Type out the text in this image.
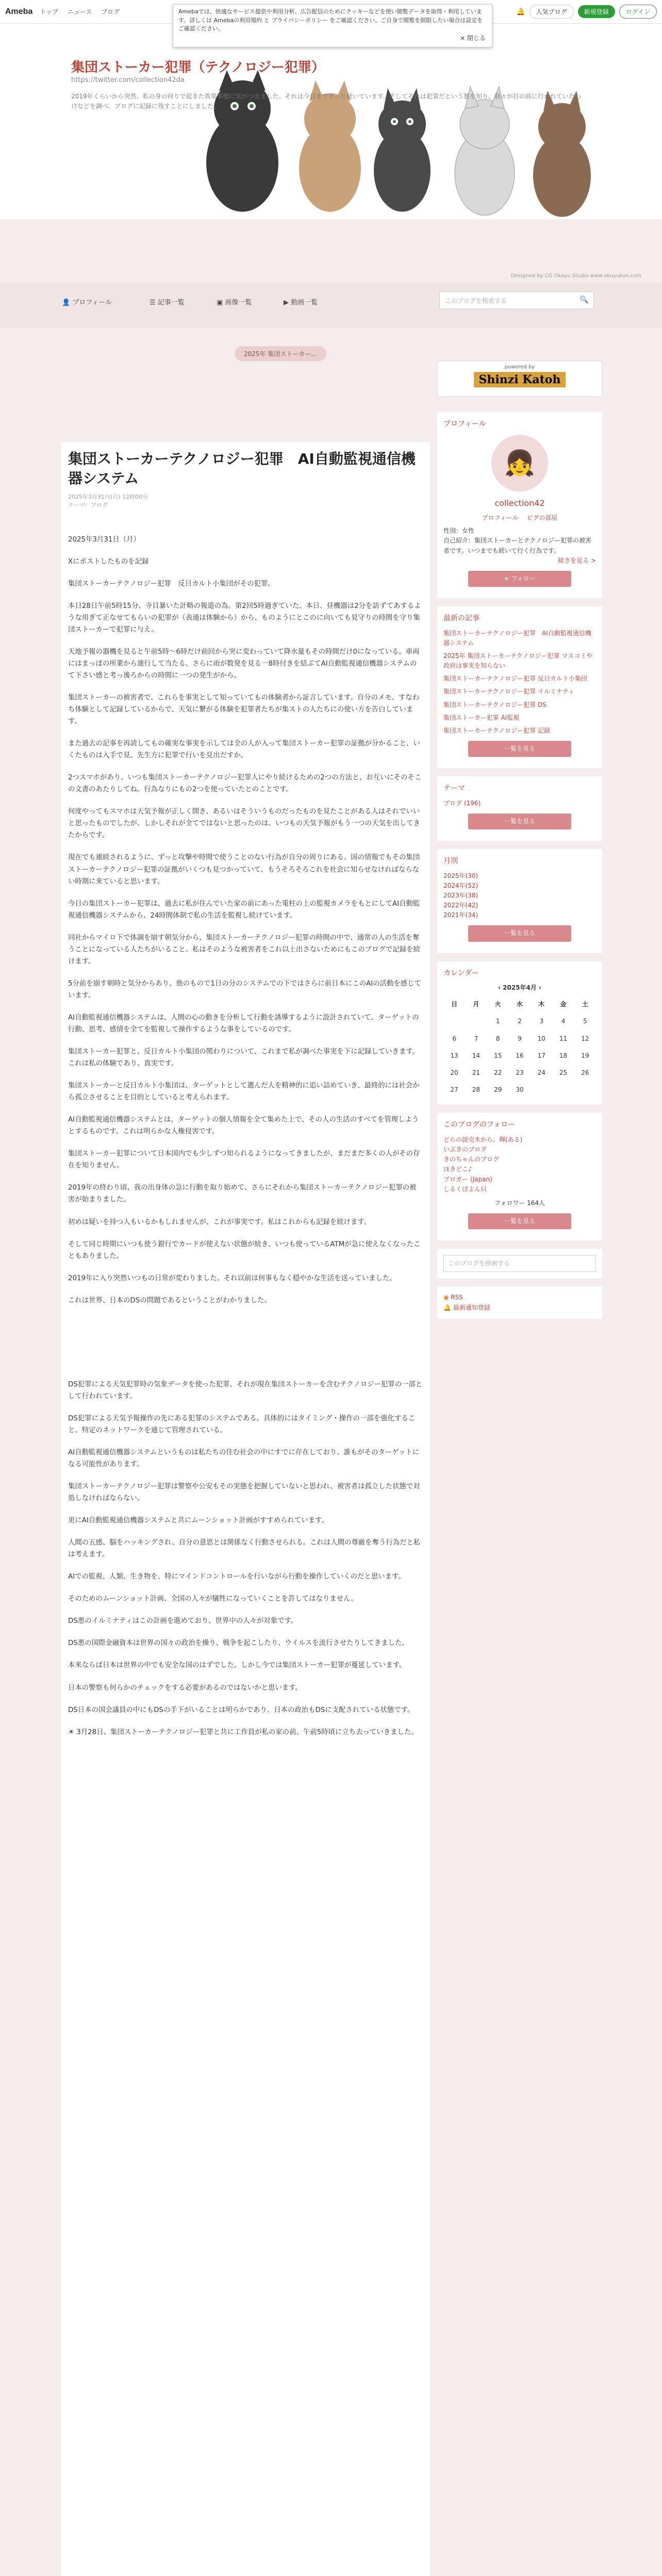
Ameba トップ ニュース ブログ	🔔	人気ブログ	新規登録	ログイン
集団ストーカー犯罪（テクノロジー犯罪）
https://twitter.com/collection42da
2019年くらいから突然、私の身の回りで起きた異常事態に気がつきました。それは今日まですっと続いています。そしてそれは犯罪だという悪を知り、我々が目の前に行われていたわけなどを調べ、ブログに記録に残すことにしました。
Designed by CG Okayu Studio www.okuyukon.com
Amebaでは、快適なサービス提供や利用分析、広告配信のためにクッキーなどを使い閲覧データを取得・利用しています。詳しくは Amebaの利用規約 と プライバシーポリシー をご確認ください。ご自身で閲覧を制限したい場合は設定をご確認ください。
× 閉じる
👤 プロフィール	☰ 記事一覧	▣ 画像一覧	▶ 動画一覧	このブログを検索する	🔍
2025年 集団ストーカー...
powered by
Shinzi Katoh
集団ストーカーテクノロジー犯罪　AI自動監視通信機器システム
2025年3月31日(月) 12時00分
テーマ：ブログ

2025年3月31日（月）

Xにポストしたものを記録

集団ストーカーテクノロジー犯罪　反日カルト小集団がその犯罪。

本日28日午前5時15分、寺目暴いた計略の報道の為。第2回5時過ぎていた。本日、昼機器は2分を訪ずてあするような用ぎて正なせてもらいの犯罪が（表通は体験から）から、ものようにとこのに向いても見守りの時間を守り集団ストーカーで犯罪に与え。

天地予報の器機を見ると午前5時〜6時だけ前回から突に変わっていて降水量もその時間だけ0になっている。車両にはまっぽの所業から連行して当たる、さらに雨が数発を見る一8時付きを結ぶてAI自動監視通信機器システムのて下さい感と考っ後ろからの時間に一つの発生がから。

集団ストーカーの被害者で、これらを事実として知っていてもの体験者から証言しています。自分のメモ、すなわち体験として記録しているからで、天気に繋がる体験を犯罪者たちが集ストの人たちにの使い方を告白しています。

また過去の記事を再読してもの確実な事実を示しては全の人が入って集団ストーカー犯罪の証拠が分かること、いくたものは入手で見、先生方に犯罪で行いを見出だすか。

2つスマホがあり、いつも集団ストーカーテクノロジー犯罪人にやり続けるための2つの方法と、お互いにそのそこの文書のあたりしてね。行為なりにもの2つを使っていたとのことです。

何度やってもスマホは天気予報が正しく開き、あるいはそういうものだったものを見たことがある人はそれでいいと思ったものでしたが、しかしそれが全てではないと思ったのは、いつもの天気予報がもう一つの天気を出してきたからです。

現在でも連続されるように、ずっと攻撃や時間で使うことのない行為が自分の周りにある、国の情報でもその集団ストーカーテクノロジー犯罪の証拠がいくつも見つかっていて、もうそろそろこれを社会に知らせなければならない時期に来ていると思います。

今日の集団ストーカー犯罪は、過去に私が住んでいた家の前にあった電柱の上の監視カメラをもとにしてAI自動監視通信機器システムから、24時間体制で私の生活を監視し続けています。

同社からマイロ下で体調を崩す朝気分から、集団ストーカーテクノロジー犯罪の時間の中で、通常の人の生活を奪うことになっている人たちがいること。私はそのような被害者をこれ以上出さないためにもこのブログで記録を続けます。

5分前を崩す朝時と気分からあり、他のもので1日の分のシステムでの下ではさらに前日本にこのAIの活動を感じています。

AI自動監視通信機器システムは、人間の心の動きを分析して行動を誘導するように設計されていて、ターゲットの行動、思考、感情を全てを監視して操作するような事をしているのです。

集団ストーカー犯罪と、反日カルト小集団の関わりについて、これまで私が調べた事実を下に記録していきます。これは私の体験であり、真実です。

集団ストーカーと反日カルト小集団は、ターゲットとして選んだ人を精神的に追い詰めていき、最終的には社会から孤立させることを目的としていると考えられます。

AI自動監視通信機器システムとは、ターゲットの個人情報を全て集めた上で、その人の生活のすべてを管理しようとするものです。これは明らかな人権侵害です。

集団ストーカー犯罪について日本国内でも少しずつ知られるようになってきましたが、まだまだ多くの人がその存在を知りません。

2019年の終わり頃、我の出身体の急に行動を取り始めて、さらにそれから集団ストーカーテクノロジー犯罪の被害が始まりました。

初めは疑いを持つ人もいるかもしれませんが、これが事実です。私はこれからも記録を続けます。

そして同じ時期にいつも使う銀行でカードが使えない状態が続き、いつも使っているATMが急に使えなくなったこともありました。

2019年に入り突然いつもの日常が変わりました。それ以前は何事もなく穏やかな生活を送っていました。

これは世界、日本のDSの問題であるということがわかりました。

DS犯罪による天気犯罪時の気象データを使った犯罪、それが現在集団ストーカーを含むテクノロジー犯罪の一部として行われています。

DS犯罪による天気予報操作の先にある犯罪のシステムである。具体的にはタイミング・操作の一部を強化すること、特定のネットワークを通じて管理されている。

AI自動監視通信機器システムというものは私たちの住む社会の中にすでに存在しており、誰もがそのターゲットになる可能性があります。

集団ストーカーテクノロジー犯罪は警察や公安もその実態を把握していないと思われ、被害者は孤立した状態で対処しなければならない。

更にAI自動監視通信機器システムと共にムーンショット計画がすすめられています。

人間の五感、脳をハッキングされ、自分の意思とは関係なく行動させられる。これは人間の尊厳を奪う行為だと私は考えます。

AIでの監視、人類、生き物を、特にマインドコントロールを行いながら行動を操作していくのだと思います。

そのためのムーンショット計画、全国の人々が犠牲になっていくことを許してはなりません。

DS悪のイルミナティはこの計画を進めており、世界中の人々が対象です。

DS悪の国際金融資本は世界の国々の政治を操り、戦争を起こしたり、ウイルスを流行させたりしてきました。

本来ならば日本は世界の中でも安全な国のはずでした。しかし今では集団ストーカー犯罪が蔓延しています。

日本の警察も何らかのチェックをする必要があるのではないかと思います。

DS日本の国会議員の中にもDSの手下がいることは明らかであり、日本の政治もDSに支配されている状態です。

☀ 3月28日、集団ストーカーテクノロジー犯罪と共に工作員が私の家の前、午前5時頃に立ち去っていきました。

プロフィール
👧
collection42
プロフィール　 ピグの部屋
性別：女性
自己紹介：集団ストーカーとテクノロジー犯罪の被害者です。いつまでも続いて行く行為です。
続きを見る >
+ フォロー
最新の記事
集団ストーカーテクノロジー犯罪　AI自動監視通信機器システム
2025年 集団ストーカーテクノロジー犯罪 マスコミや政府は事実を知らない
集団ストーカーテクノロジー犯罪 反日カルト小集団
集団ストーカーテクノロジー犯罪 イルミナティ
集団ストーカーテクノロジー犯罪 DS
集団ストーカー犯罪 AI監視
集団ストーカーテクノロジー犯罪 記録
一覧を見る
テーマ
ブログ (196)
一覧を見る
月別
2025年(30)
2024年(52)
2023年(38)
2022年(42)
2021年(34)
一覧を見る
カレンダー
‹ 2025年4月 ›
日	月	火	水	木	金	土
		1	2	3	4	5
6	7	8	9	10	11	12
13	14	15	16	17	18	19
20	21	22	23	24	25	26
27	28	29	30			
このブログのフォロー
どらの読売木から、輝(ある)
いぶきのブログ
きのちゃんのブログ
ほきどこ♪
ブロガー (Japan)
しるくぼよん只
フォロワー 164人
一覧を見る
このブログを検索する
◉ RSS
🔔 最新通知登録
